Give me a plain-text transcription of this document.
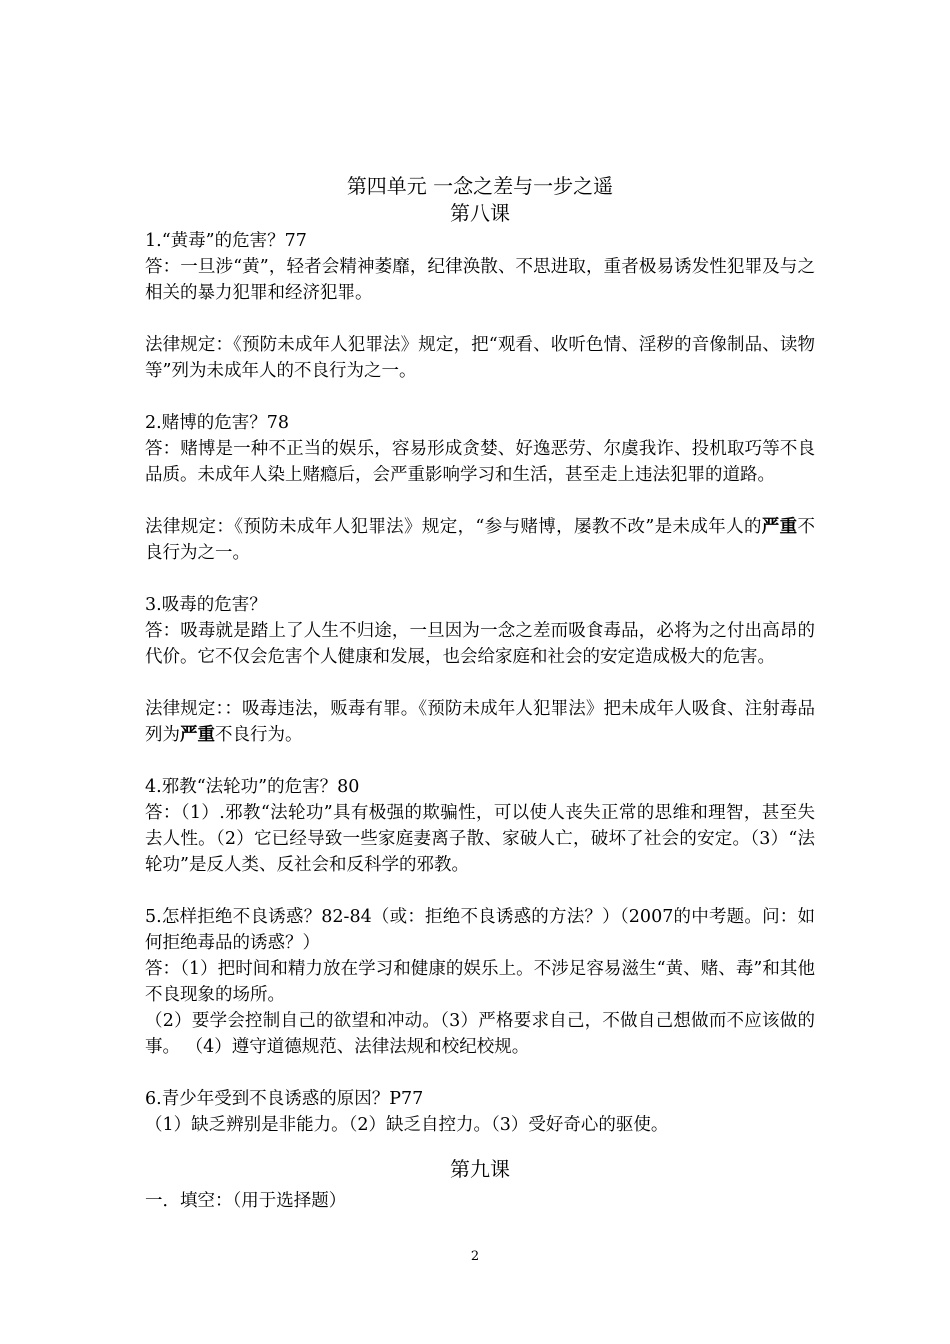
第四单元 一念之差与一步之遥

第八课

1.“黄毒”的危害？77

答：一旦涉“黄”，轻者会精神萎靡，纪律涣散、不思进取，重者极易诱发性犯罪及与之相关的暴力犯罪和经济犯罪。

法律规定：《预防未成年人犯罪法》规定，把“观看、收听色情、淫秽的音像制品、读物等”列为未成年人的不良行为之一。

2.赌博的危害？78

答：赌博是一种不正当的娱乐，容易形成贪婪、好逸恶劳、尔虞我诈、投机取巧等不良品质。未成年人染上赌瘾后，会严重影响学习和生活，甚至走上违法犯罪的道路。

法律规定：《预防未成年人犯罪法》规定，“参与赌博，屡教不改”是未成年人的严重不良行为之一。

3.吸毒的危害？

答：吸毒就是踏上了人生不归途，一旦因为一念之差而吸食毒品，必将为之付出高昂的代价。它不仅会危害个人健康和发展，也会给家庭和社会的安定造成极大的危害。

法律规定：：吸毒违法，贩毒有罪。《预防未成年人犯罪法》把未成年人吸食、注射毒品列为严重不良行为。

4.邪教“法轮功”的危害？80

答：（1）.邪教“法轮功”具有极强的欺骗性，可以使人丧失正常的思维和理智，甚至失去人性。（2）它已经导致一些家庭妻离子散、家破人亡，破坏了社会的安定。（3）“法轮功”是反人类、反社会和反科学的邪教。

5.怎样拒绝不良诱惑？82-84（或：拒绝不良诱惑的方法？）（2007的中考题。问：如何拒绝毒品的诱惑？）

答：（1）把时间和精力放在学习和健康的娱乐上。不涉足容易滋生“黄、赌、毒”和其他不良现象的场所。

（2）要学会控制自己的欲望和冲动。（3）严格要求自己，不做自己想做而不应该做的事。 （4）遵守道德规范、法律法规和校纪校规。

6.青少年受到不良诱惑的原因？P77

（1）缺乏辨别是非能力。（2）缺乏自控力。（3）受好奇心的驱使。

第九课

一．填空：（用于选择题）

2
